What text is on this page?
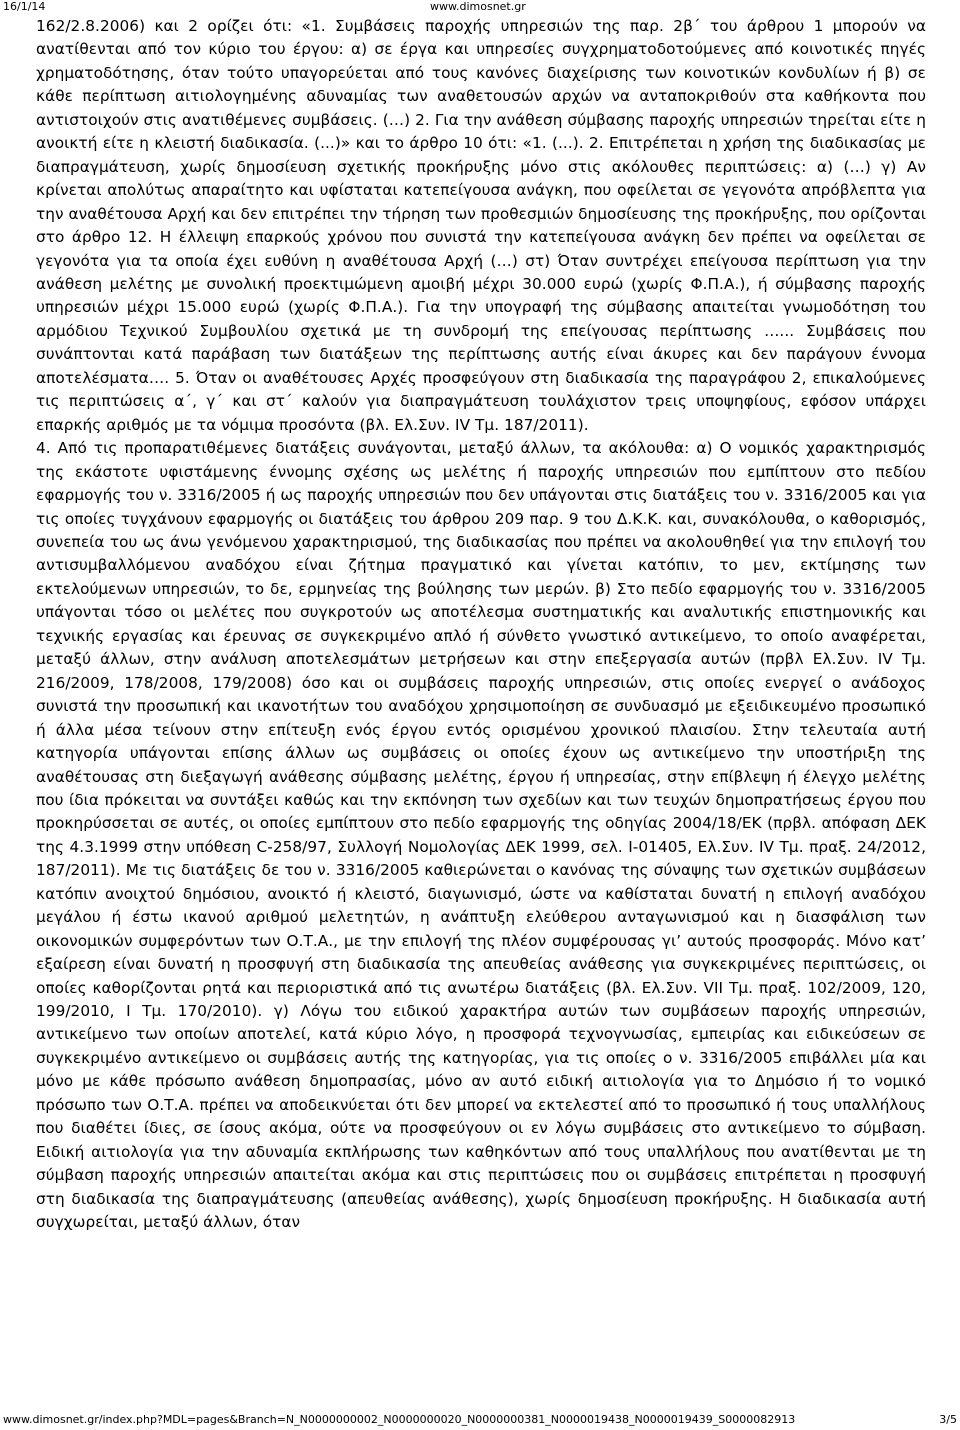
16/1/14	www.dimosnet.gr

162/2.8.2006) και 2 ορίζει ότι: «1. Συμβάσεις παροχής υπηρεσιών της παρ. 2β΄ του άρθρου 1 μπορούν να ανατίθενται από τον κύριο του έργου: α) σε έργα και υπηρεσίες συγχρηματοδοτούμενες από κοινοτικές πηγές χρηματοδότησης, όταν τούτο υπαγορεύεται από τους κανόνες διαχείρισης των κοινοτικών κονδυλίων ή β) σε κάθε περίπτωση αιτιολογημένης αδυναμίας των αναθετουσών αρχών να ανταποκριθούν στα καθήκοντα που αντιστοιχούν στις ανατιθέμενες συμβάσεις. (…) 2. Για την ανάθεση σύμβασης παροχής υπηρεσιών τηρείται είτε η ανοικτή είτε η κλειστή διαδικασία. (...)» και το άρθρο 10 ότι: «1. (...). 2. Επιτρέπεται η χρήση της διαδικασίας με διαπραγμάτευση, χωρίς δημοσίευση σχετικής προκήρυξης μόνο στις ακόλουθες περιπτώσεις: α) (…) γ) Αν κρίνεται απολύτως απαραίτητο και υφίσταται κατεπείγουσα ανάγκη, που οφείλεται σε γεγονότα απρόβλεπτα για την αναθέτουσα Αρχή και δεν επιτρέπει την τήρηση των προθεσμιών δημοσίευσης της προκήρυξης, που ορίζονται στο άρθρο 12. Η έλλειψη επαρκούς χρόνου που συνιστά την κατεπείγουσα ανάγκη δεν πρέπει να οφείλεται σε γεγονότα για τα οποία έχει ευθύνη η αναθέτουσα Αρχή (…) στ) Όταν συντρέχει επείγουσα περίπτωση για την ανάθεση μελέτης με συνολική προεκτιμώμενη αμοιβή μέχρι 30.000 ευρώ (χωρίς Φ.Π.Α.), ή σύμβασης παροχής υπηρεσιών μέχρι 15.000 ευρώ (χωρίς Φ.Π.Α.). Για την υπογραφή της σύμβασης απαιτείται γνωμοδότηση του αρμόδιου Τεχνικού Συμβουλίου σχετικά με τη συνδρομή της επείγουσας περίπτωσης …... Συμβάσεις που συνάπτονται κατά παράβαση των διατάξεων της περίπτωσης αυτής είναι άκυρες και δεν παράγουν έννομα αποτελέσματα…. 5. Όταν οι αναθέτουσες Αρχές προσφεύγουν στη διαδικασία της παραγράφου 2, επικαλούμενες τις περιπτώσεις α΄, γ΄ και στ΄ καλούν για διαπραγμάτευση τουλάχιστον τρεις υποψηφίους, εφόσον υπάρχει επαρκής αριθμός με τα νόμιμα προσόντα (βλ. Ελ.Συν. IV Τμ. 187/2011).

4. Από τις προπαρατιθέμενες διατάξεις συνάγονται, μεταξύ άλλων, τα ακόλουθα: α) Ο νομικός χαρακτηρισμός της εκάστοτε υφιστάμενης έννομης σχέσης ως μελέτης ή παροχής υπηρεσιών που εμπίπτουν στο πεδίου εφαρμογής του ν. 3316/2005 ή ως παροχής υπηρεσιών που δεν υπάγονται στις διατάξεις του ν. 3316/2005 και για τις οποίες τυγχάνουν εφαρμογής οι διατάξεις του άρθρου 209 παρ. 9 του Δ.Κ.Κ. και, συνακόλουθα, ο καθορισμός, συνεπεία του ως άνω γενόμενου χαρακτηρισμού, της διαδικασίας που πρέπει να ακολουθηθεί για την επιλογή του αντισυμβαλλόμενου αναδόχου είναι ζήτημα πραγματικό και γίνεται κατόπιν, το μεν, εκτίμησης των εκτελούμενων υπηρεσιών, το δε, ερμηνείας της βούλησης των μερών. β) Στο πεδίο εφαρμογής του ν. 3316/2005 υπάγονται τόσο οι μελέτες που συγκροτούν ως αποτέλεσμα συστηματικής και αναλυτικής επιστημονικής και τεχνικής εργασίας και έρευνας σε συγκεκριμένο απλό ή σύνθετο γνωστικό αντικείμενο, το οποίο αναφέρεται, μεταξύ άλλων, στην ανάλυση αποτελεσμάτων μετρήσεων και στην επεξεργασία αυτών (πρβλ Ελ.Συν. IV Τμ. 216/2009, 178/2008, 179/2008) όσο και οι συμβάσεις παροχής υπηρεσιών, στις οποίες ενεργεί ο ανάδοχος συνιστά την προσωπική και ικανοτήτων του αναδόχου χρησιμοποίηση σε συνδυασμό με εξειδικευμένο προσωπικό ή άλλα μέσα τείνουν στην επίτευξη ενός έργου εντός ορισμένου χρονικού πλαισίου. Στην τελευταία αυτή κατηγορία υπάγονται επίσης άλλων ως συμβάσεις οι οποίες έχουν ως αντικείμενο την υποστήριξη της αναθέτουσας στη διεξαγωγή ανάθεσης σύμβασης μελέτης, έργου ή υπηρεσίας, στην επίβλεψη ή έλεγχο μελέτης που ίδια πρόκειται να συντάξει καθώς και την εκπόνηση των σχεδίων και των τευχών δημοπρατήσεως έργου που προκηρύσσεται σε αυτές, οι οποίες εμπίπτουν στο πεδίο εφαρμογής της οδηγίας 2004/18/ΕΚ (πρβλ. απόφαση ΔΕΚ της 4.3.1999 στην υπόθεση C-258/97, Συλλογή Νομολογίας ΔΕΚ 1999, σελ. I-01405, Ελ.Συν. IV Τμ. πραξ. 24/2012, 187/2011). Με τις διατάξεις δε του ν. 3316/2005 καθιερώνεται ο κανόνας της σύναψης των σχετικών συμβάσεων κατόπιν ανοιχτού δημόσιου, ανοικτό ή κλειστό, διαγωνισμό, ώστε να καθίσταται δυνατή η επιλογή αναδόχου μεγάλου ή έστω ικανού αριθμού μελετητών, η ανάπτυξη ελεύθερου ανταγωνισμού και η διασφάλιση των οικονομικών συμφερόντων των Ο.Τ.Α., με την επιλογή της πλέον συμφέρουσας γι’ αυτούς προσφοράς. Μόνο κατ’ εξαίρεση είναι δυνατή η προσφυγή στη διαδικασία της απευθείας ανάθεσης για συγκεκριμένες περιπτώσεις, οι οποίες καθορίζονται ρητά και περιοριστικά από τις ανωτέρω διατάξεις (βλ. Ελ.Συν. VII Τμ. πραξ. 102/2009, 120, 199/2010, I Τμ. 170/2010). γ) Λόγω του ειδικού χαρακτήρα αυτών των συμβάσεων παροχής υπηρεσιών, αντικείμενο των οποίων αποτελεί, κατά κύριο λόγο, η προσφορά τεχνογνωσίας, εμπειρίας και ειδικεύσεων σε συγκεκριμένο αντικείμενο οι συμβάσεις αυτής της κατηγορίας, για τις οποίες ο ν. 3316/2005 επιβάλλει μία και μόνο με κάθε πρόσωπο ανάθεση δημοπρασίας, μόνο αν αυτό ειδική αιτιολογία για το Δημόσιο ή το νομικό πρόσωπο των Ο.Τ.Α. πρέπει να αποδεικνύεται ότι δεν μπορεί να εκτελεστεί από το προσωπικό ή τους υπαλλήλους που διαθέτει ίδιες, σε ίσους ακόμα, ούτε να προσφεύγουν οι εν λόγω συμβάσεις στο αντικείμενο το σύμβαση. Ειδική αιτιολογία για την αδυναμία εκπλήρωσης των καθηκόντων από τους υπαλλήλους που ανατίθενται με τη σύμβαση παροχής υπηρεσιών απαιτείται ακόμα και στις περιπτώσεις που οι συμβάσεις επιτρέπεται η προσφυγή στη διαδικασία της διαπραγμάτευσης (απευθείας ανάθεσης), χωρίς δημοσίευση προκήρυξης. Η διαδικασία αυτή συγχωρείται, μεταξύ άλλων, όταν

www.dimosnet.gr/index.php?MDL=pages&Branch=N_N0000000002_N0000000020_N0000000381_N0000019438_N0000019439_S0000082913	3/5
